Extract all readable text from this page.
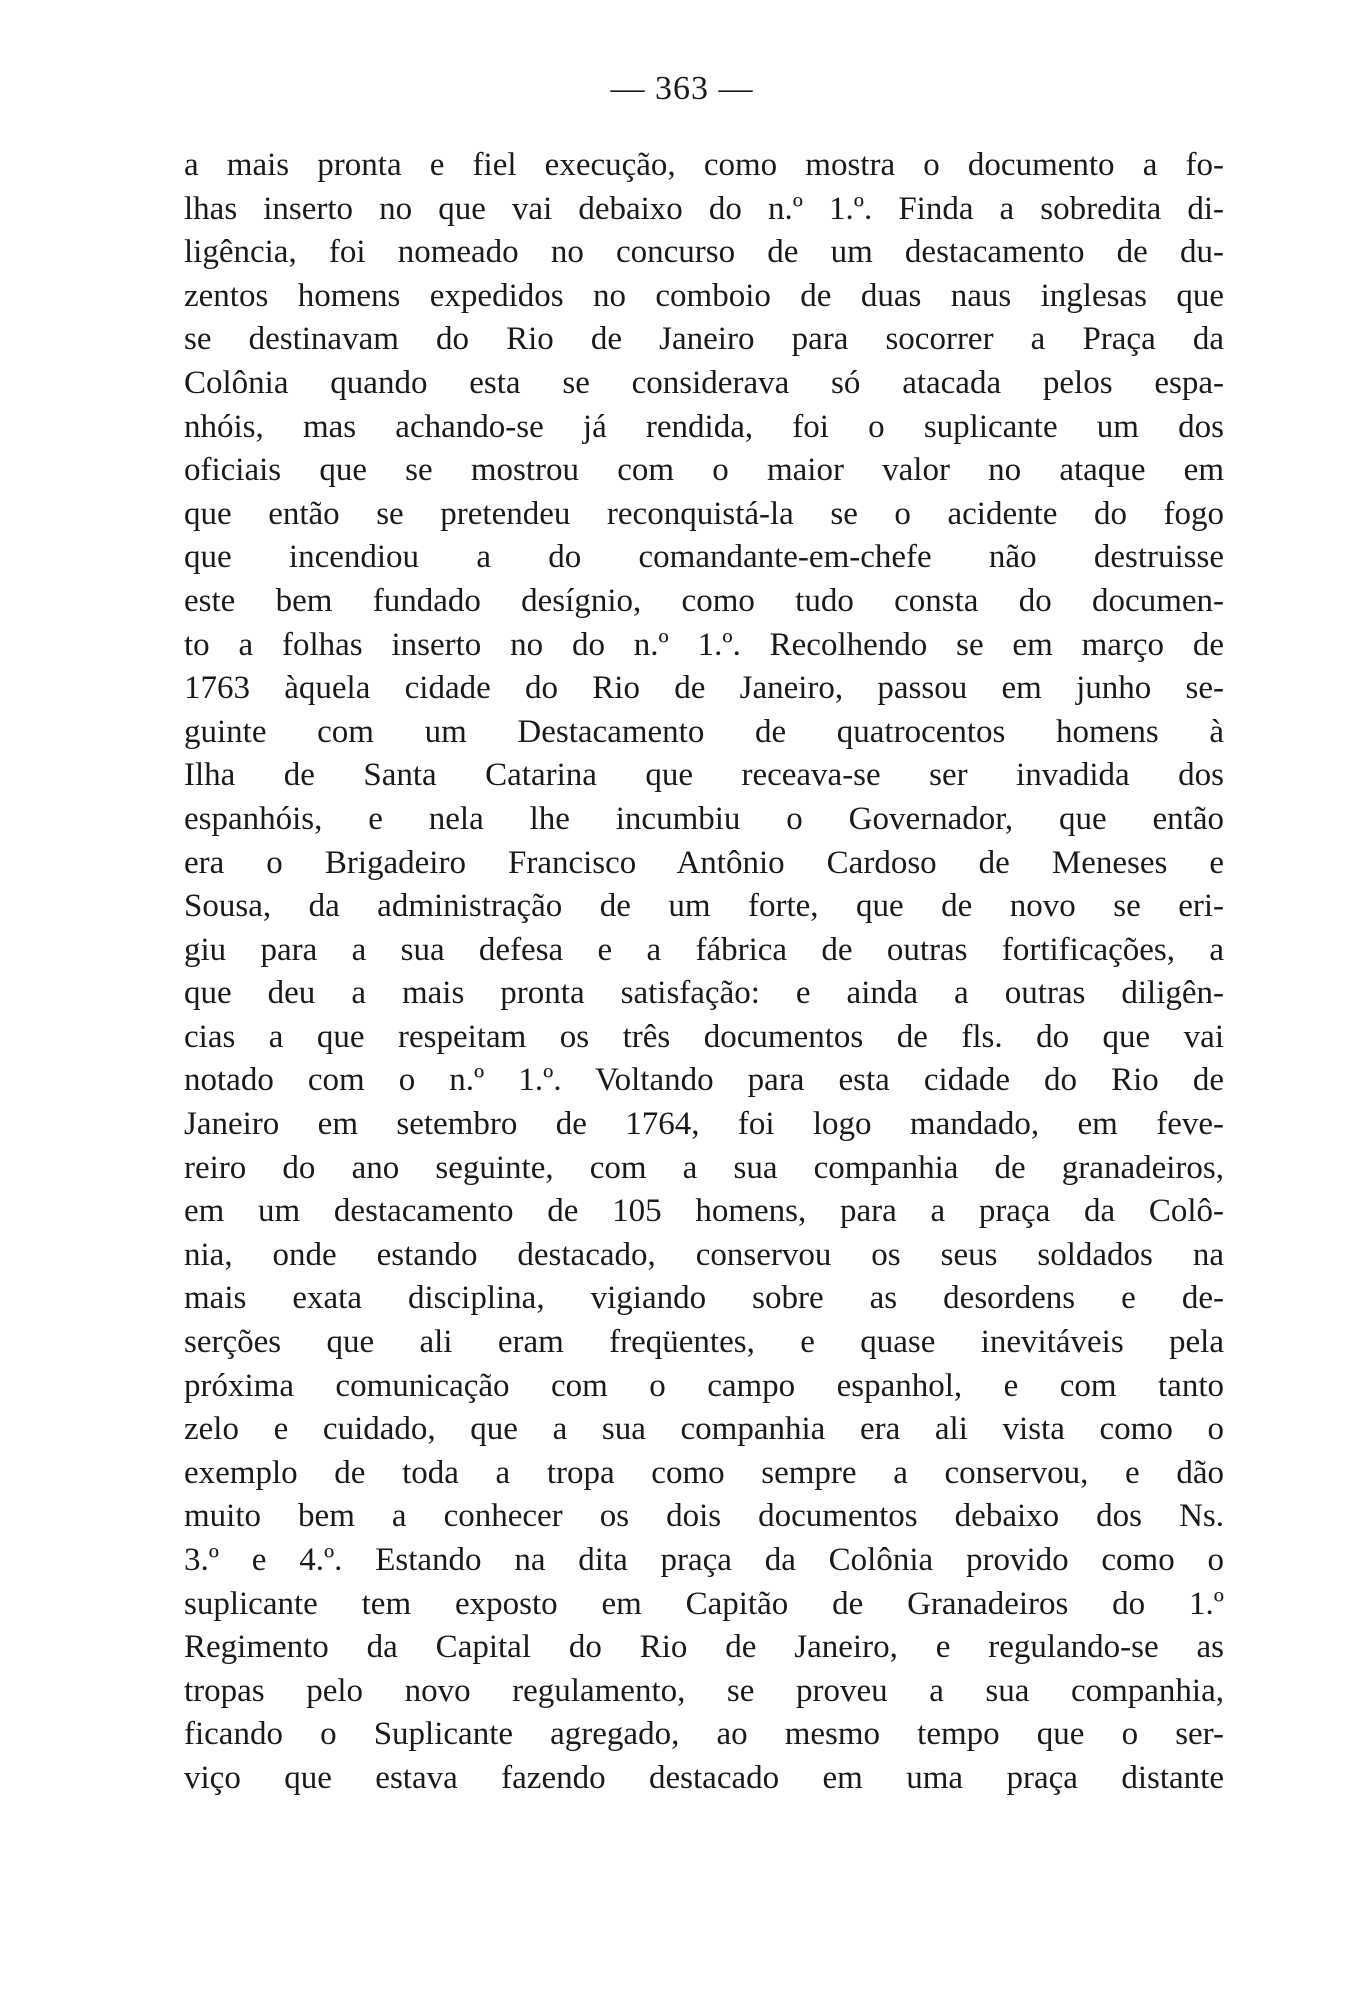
— 363 —
a mais pronta e fiel execução, como mostra o documento a fo-
lhas inserto no que vai debaixo do n.º 1.º. Finda a sobredita di-
ligência, foi nomeado no concurso de um destacamento de du-
zentos homens expedidos no comboio de duas naus inglesas que
se destinavam do Rio de Janeiro para socorrer a Praça da
Colônia quando esta se considerava só atacada pelos espa-
nhóis, mas achando-se já rendida, foi o suplicante um dos
oficiais que se mostrou com o maior valor no ataque em
que então se pretendeu reconquistá-la se o acidente do fogo
que incendiou a do comandante-em-chefe não destruisse
este bem fundado desígnio, como tudo consta do documen-
to a folhas inserto no do n.º 1.º. Recolhendo se em março de
1763 àquela cidade do Rio de Janeiro, passou em junho se-
guinte com um Destacamento de quatrocentos homens à
Ilha de Santa Catarina que receava-se ser invadida dos
espanhóis, e nela lhe incumbiu o Governador, que então
era o Brigadeiro Francisco Antônio Cardoso de Meneses e
Sousa, da administração de um forte, que de novo se eri-
giu para a sua defesa e a fábrica de outras fortificações, a
que deu a mais pronta satisfação: e ainda a outras diligên-
cias a que respeitam os três documentos de fls. do que vai
notado com o n.º 1.º. Voltando para esta cidade do Rio de
Janeiro em setembro de 1764, foi logo mandado, em feve-
reiro do ano seguinte, com a sua companhia de granadeiros,
em um destacamento de 105 homens, para a praça da Colô-
nia, onde estando destacado, conservou os seus soldados na
mais exata disciplina, vigiando sobre as desordens e de-
serções que ali eram freqüentes, e quase inevitáveis pela
próxima comunicação com o campo espanhol, e com tanto
zelo e cuidado, que a sua companhia era ali vista como o
exemplo de toda a tropa como sempre a conservou, e dão
muito bem a conhecer os dois documentos debaixo dos Ns.
3.º e 4.º. Estando na dita praça da Colônia provido como o
suplicante tem exposto em Capitão de Granadeiros do 1.º
Regimento da Capital do Rio de Janeiro, e regulando-se as
tropas pelo novo regulamento, se proveu a sua companhia,
ficando o Suplicante agregado, ao mesmo tempo que o ser-
viço que estava fazendo destacado em uma praça distante
